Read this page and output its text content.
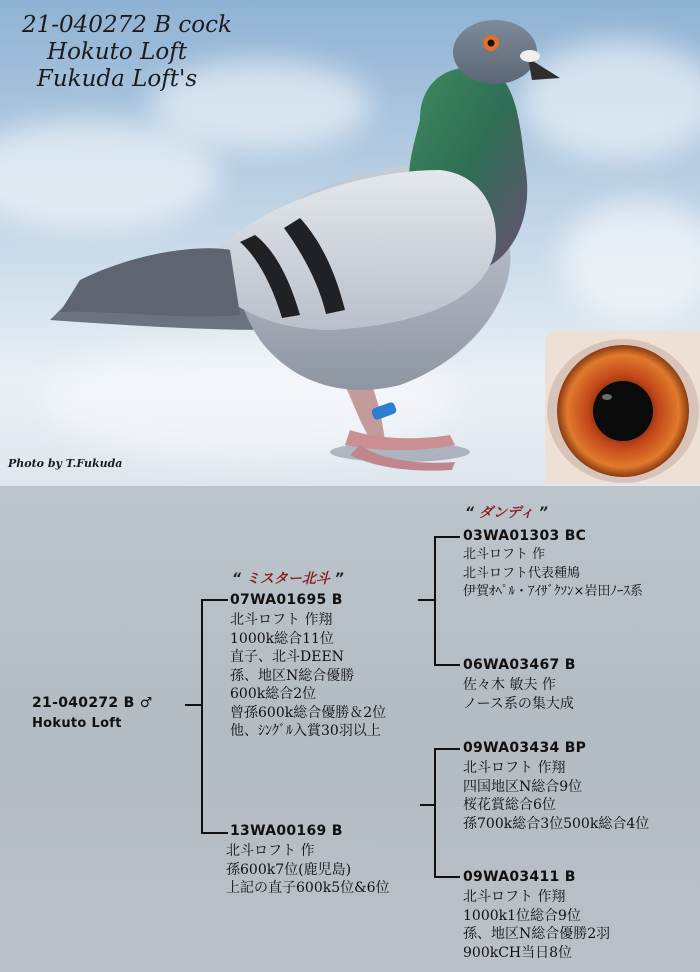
21-040272 B cock
Hokuto Loft
Fukuda Loft's
Photo by T.Fukuda
21-040272 B ♂
Hokuto Loft
“ ミスター北斗 ”
07WA01695 B
北斗ロフト 作翔
1000k総合11位
直子、北斗DEEN
孫、地区N総合優勝
600k総合2位
曾孫600k総合優勝＆2位
他、ｼﾝｸﾞﾙ入賞30羽以上
13WA00169 B
北斗ロフト 作
孫600k7位(鹿児島)
上記の直子600k5位&6位
“ ダンディ ”
03WA01303 BC
北斗ロフト 作
北斗ロフト代表種鳩
伊賀ｵﾍﾟﾙ・ｱｲｻﾞｸｿﾝ×岩田ﾉｰｽ系
06WA03467 B
佐々木 敏夫 作
ノース系の集大成
09WA03434 BP
北斗ロフト 作翔
四国地区N総合9位
桜花賞総合6位
孫700k総合3位500k総合4位
09WA03411 B
北斗ロフト 作翔
1000k1位総合9位
孫、地区N総合優勝2羽
900kCH当日8位
